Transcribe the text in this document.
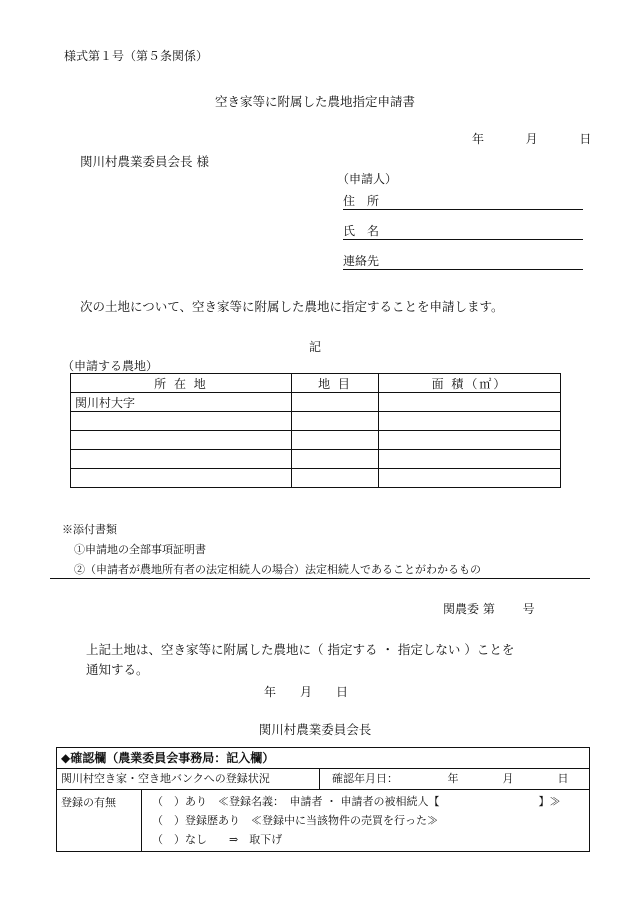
様式第１号（第５条関係）
空き家等に附属した農地指定申請書
年	月	日
関川村農業委員会長 様
（申請人）
住　所
氏　名
連絡先
次の土地について、空き家等に附属した農地に指定することを申請します。
記
（申請する農地）
所 在 地	地 目	面 積（㎡）
関川村大字		

※添付書類
①申請地の全部事項証明書
②（申請者が農地所有者の法定相続人の場合）法定相続人であることがわかるもの
関農委 第　　 号
上記土地は、空き家等に附属した農地に（ 指定する ・ 指定しない ）ことを
通知する。
年　　月　　日
関川村農業委員会長
◆確認欄（農業委員会事務局：記入欄）
関川村空き家・空き地バンクへの登録状況	確認年月日：　　　　　年　　　　月　　　　日
登録の有無	（　）あり　≪登録名義：　申請者 ・ 申請者の被相続人【　　　　　　　　　】≫
（　）登録歴あり　≪登録中に当該物件の売買を行った≫
（　）なし　　⇒　取下げ
